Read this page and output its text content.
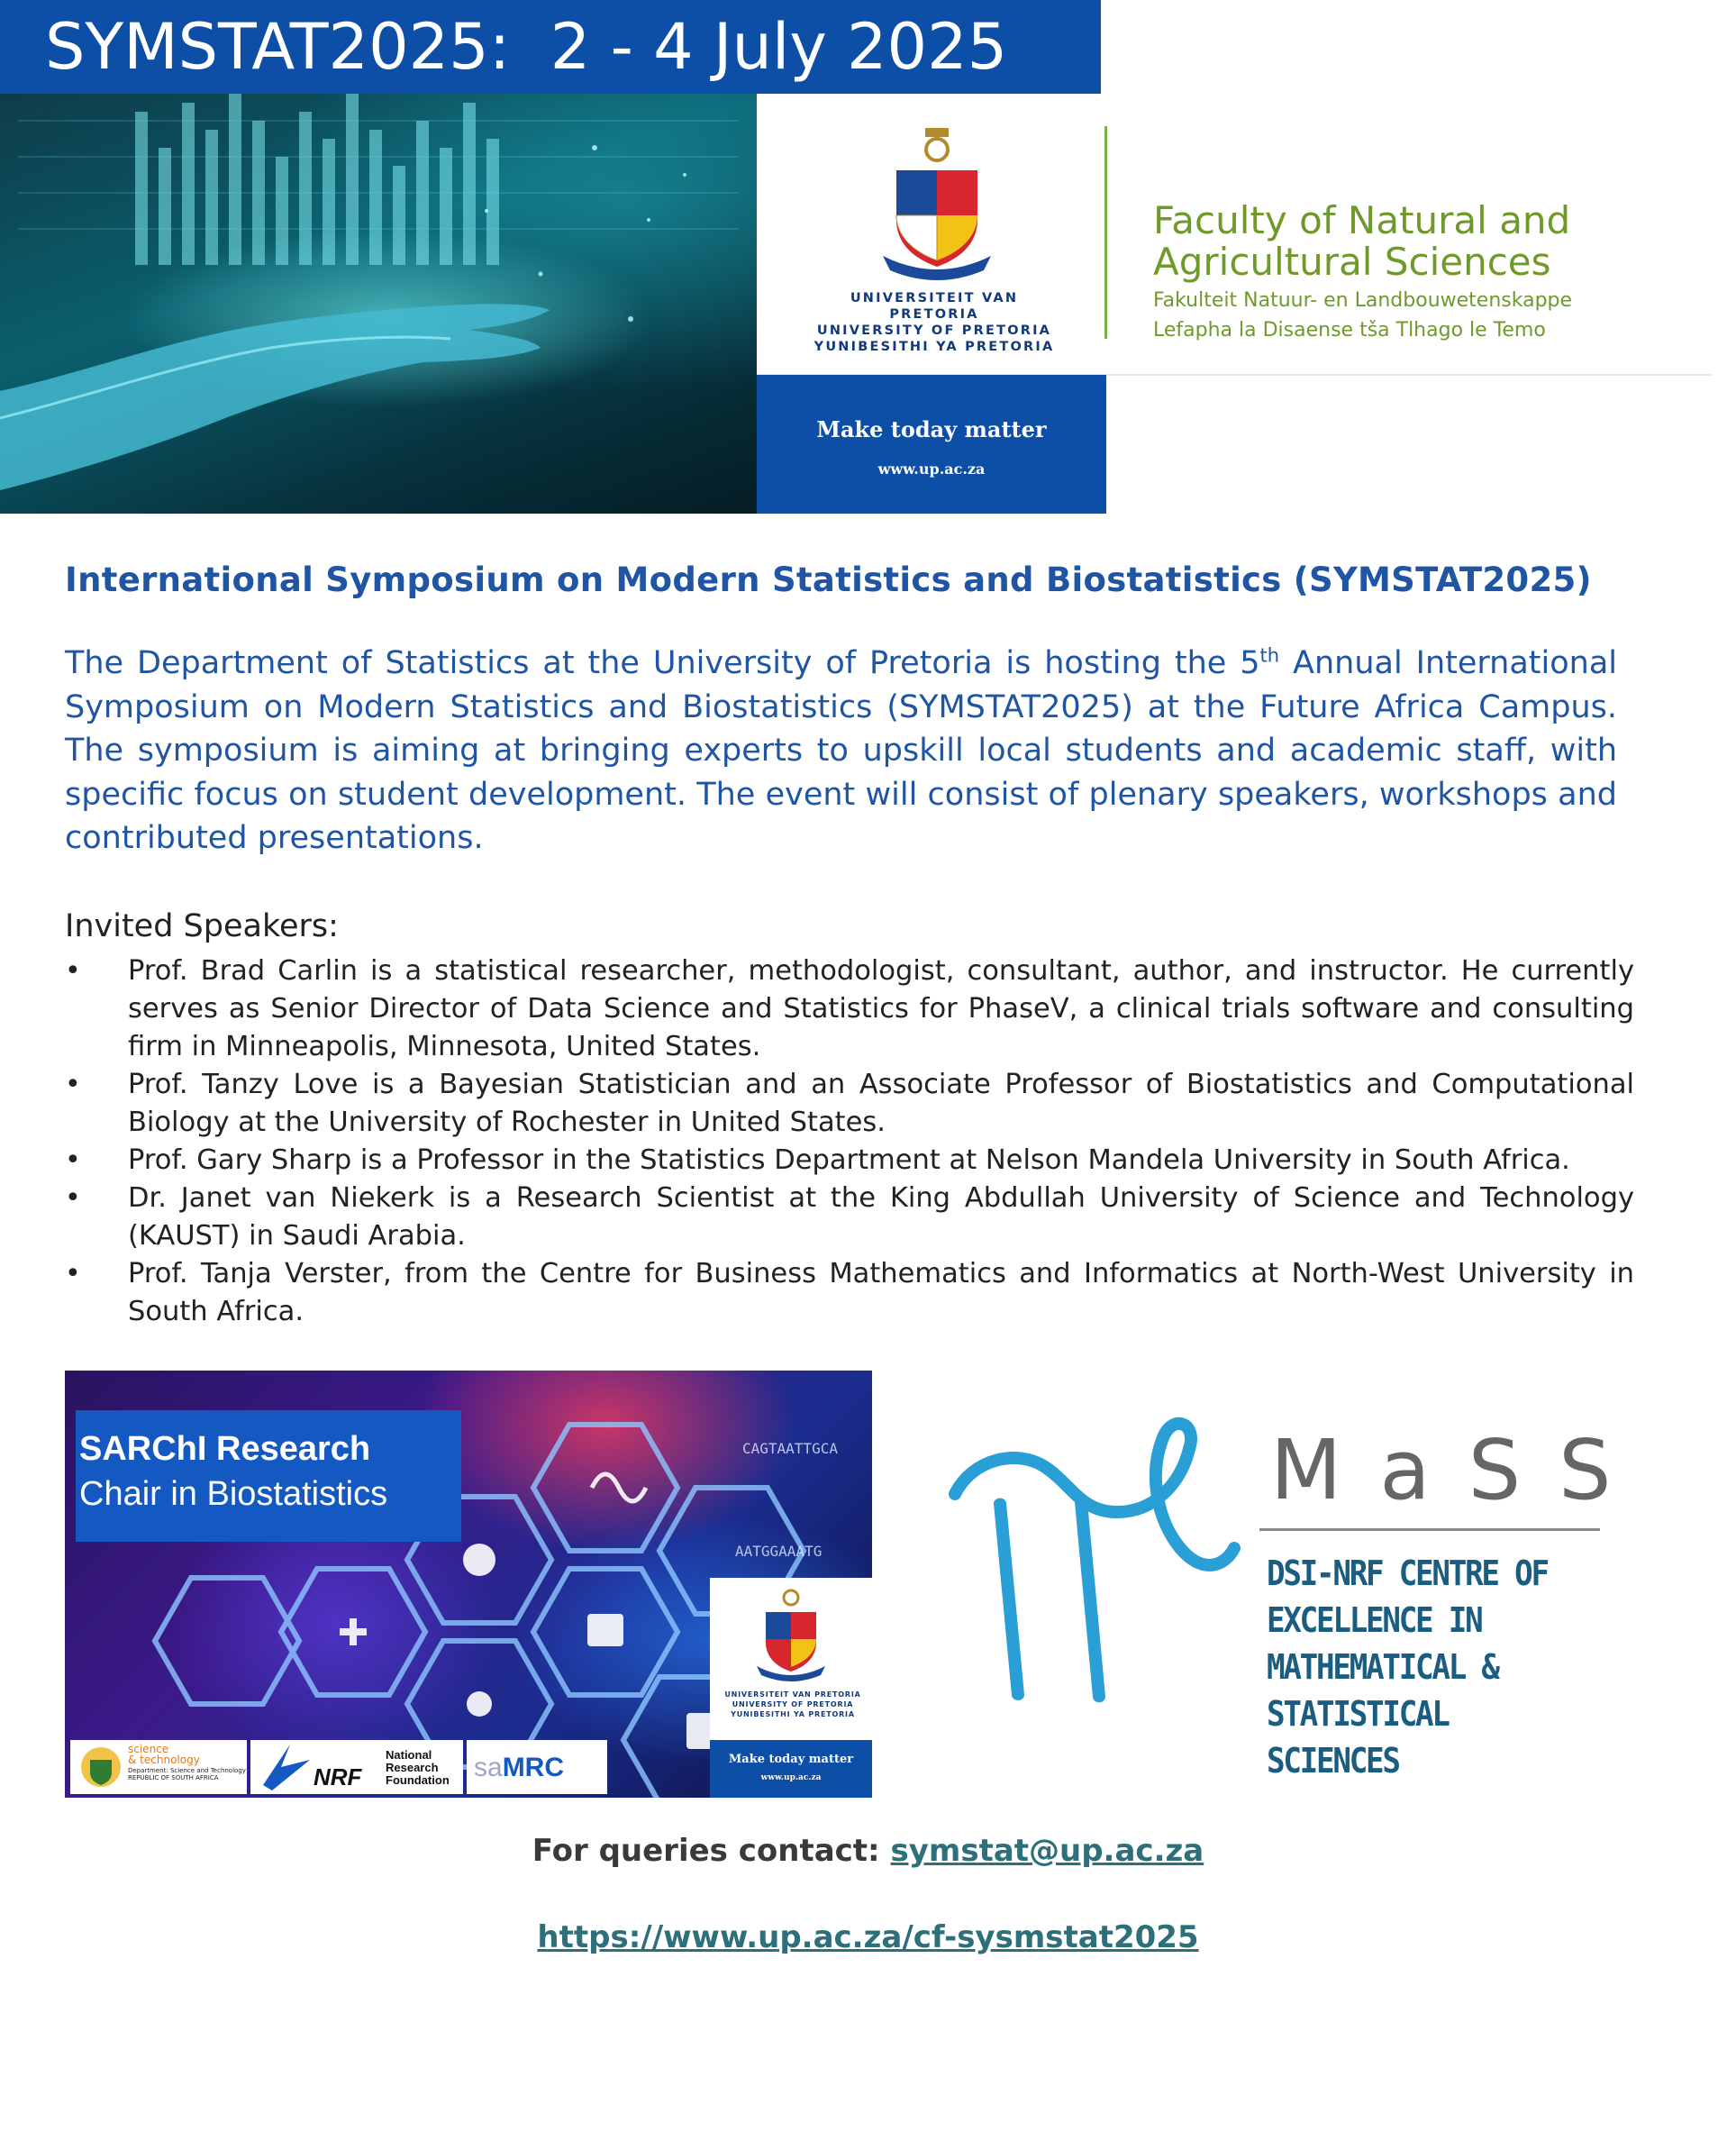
SYMSTAT2025:  2 - 4 July 2025
UNIVERSITEIT VAN PRETORIA
UNIVERSITY OF PRETORIA
YUNIBESITHI YA PRETORIA
Faculty of Natural and
Agricultural Sciences
Fakulteit Natuur- en Landbouwetenskappe
Lefapha la Disaense tša Tlhago le Temo
Make today matter
www.up.ac.za
International Symposium on Modern Statistics and Biostatistics (SYMSTAT2025)

The Department of Statistics at the University of Pretoria is hosting the 5th Annual International Symposium on Modern Statistics and Biostatistics (SYMSTAT2025) at the Future Africa Campus. The symposium is aiming at bringing experts to upskill local students and academic staff, with specific focus on student development. The event will consist of plenary speakers, workshops and contributed presentations.

Invited Speakers:
• Prof. Brad Carlin is a statistical researcher, methodologist, consultant, author, and instructor. He currently serves as Senior Director of Data Science and Statistics for PhaseV, a clinical trials software and consulting firm in Minneapolis, Minnesota, United States.
• Prof. Tanzy Love is a Bayesian Statistician and an Associate Professor of Biostatistics and Computational Biology at the University of Rochester in United States.
• Prof. Gary Sharp is a Professor in the Statistics Department at Nelson Mandela University in South Africa.
• Dr. Janet van Niekerk is a Research Scientist at the King Abdullah University of Science and Technology (KAUST) in Saudi Arabia.
• Prof. Tanja Verster, from the Centre for Business Mathematics and Informatics at North-West University in South Africa.
CAGTAATTGCA
AATGGAAATG
SARChI Research
Chair in Biostatistics
UNIVERSITEIT VAN PRETORIA
UNIVERSITY OF PRETORIA
YUNIBESITHI YA PRETORIA
Make today matter
www.up.ac.za
science
& technology
Department: Science and Technology REPUBLIC OF SOUTH AFRICA	NRF
National Research Foundation saMRC
MaSS
DSI-NRF CENTRE OF
EXCELLENCE IN
MATHEMATICAL &
STATISTICAL SCIENCES
For queries contact: symstat@up.ac.za
https://www.up.ac.za/cf-sysmstat2025
